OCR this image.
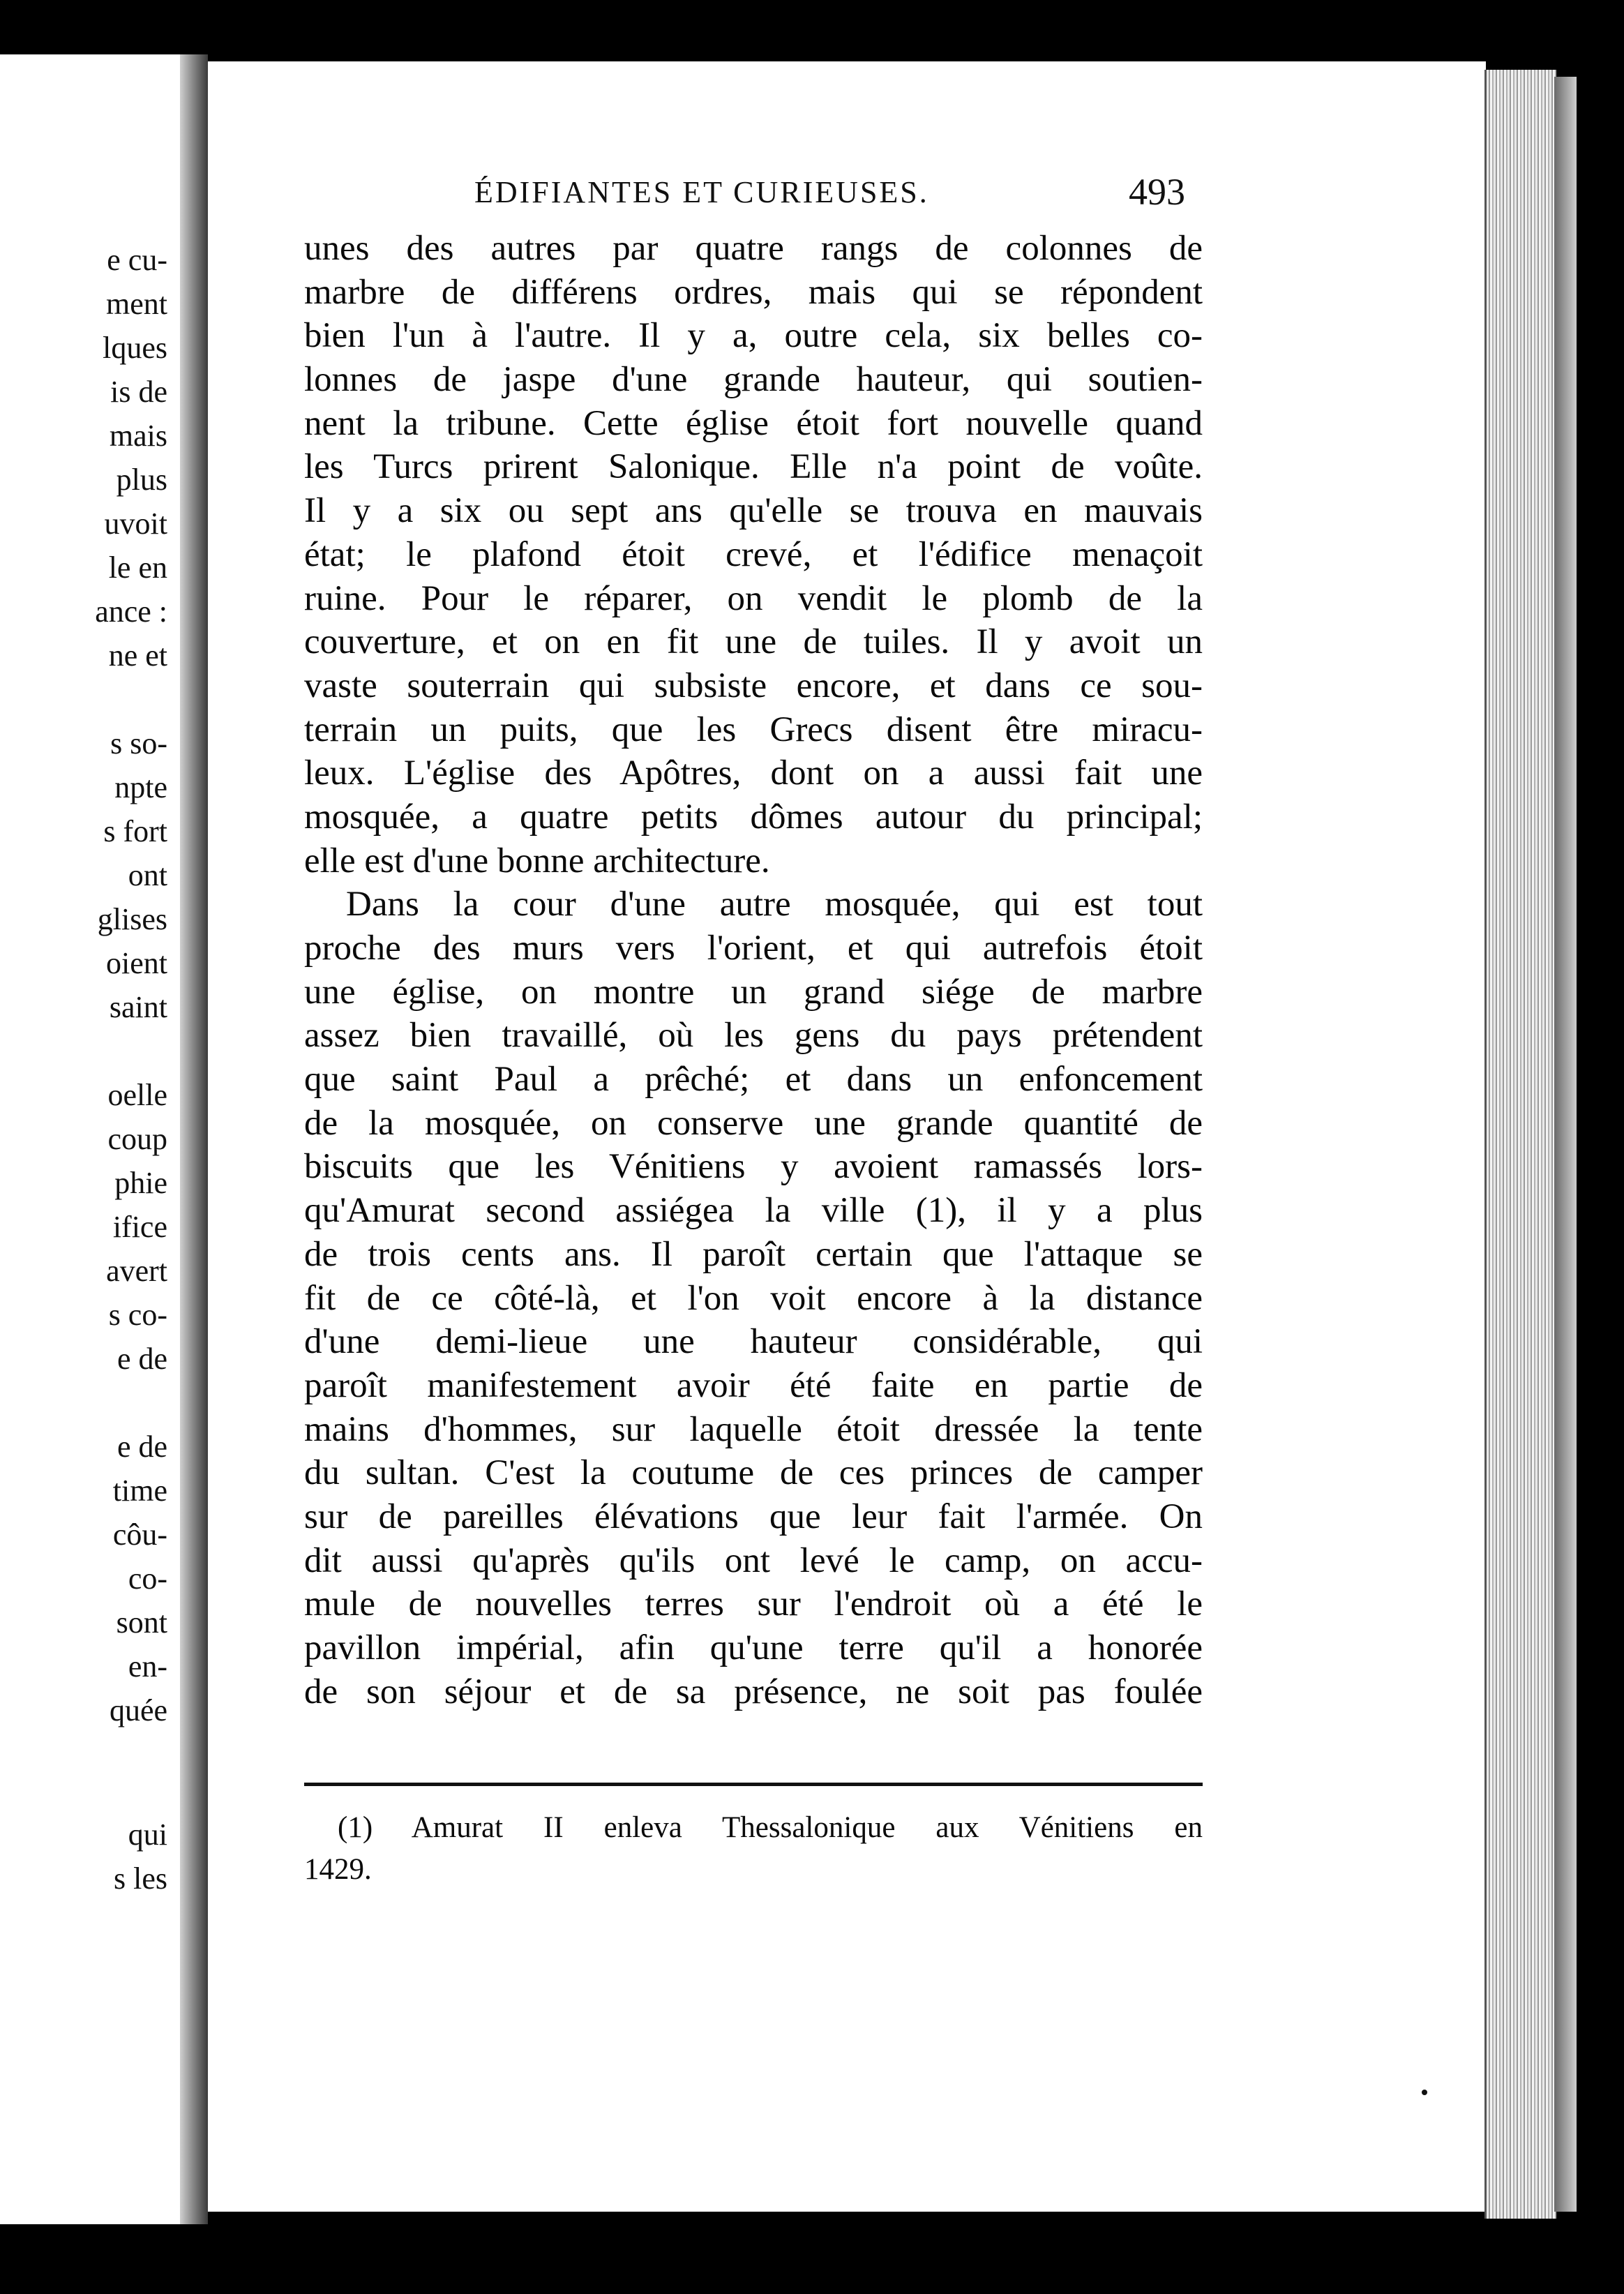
e cu-
ment
lques
is de
mais
plus
uvoit
le en
ance :
ne et
s so-
npte
s fort
ont
glises
oient
saint
oelle
coup
phie
ifice
avert
s co-
e de
e de
time
côu-
co-
sont
en-
quée
qui
s les
ÉDIFIANTES ET CURIEUSES.	493
unes des autres par quatre rangs de colonnes de
marbre de différens ordres, mais qui se répondent
bien l'un à l'autre. Il y a, outre cela, six belles co-
lonnes de jaspe d'une grande hauteur, qui soutien-
nent la tribune. Cette église étoit fort nouvelle quand
les Turcs prirent Salonique. Elle n'a point de voûte.
Il y a six ou sept ans qu'elle se trouva en mauvais
état; le plafond étoit crevé, et l'édifice menaçoit
ruine. Pour le réparer, on vendit le plomb de la
couverture, et on en fit une de tuiles. Il y avoit un
vaste souterrain qui subsiste encore, et dans ce sou-
terrain un puits, que les Grecs disent être miracu-
leux. L'église des Apôtres, dont on a aussi fait une
mosquée, a quatre petits dômes autour du principal;
elle est d'une bonne architecture.
Dans la cour d'une autre mosquée, qui est tout
proche des murs vers l'orient, et qui autrefois étoit
une église, on montre un grand siége de marbre
assez bien travaillé, où les gens du pays prétendent
que saint Paul a prêché; et dans un enfoncement
de la mosquée, on conserve une grande quantité de
biscuits que les Vénitiens y avoient ramassés lors-
qu'Amurat second assiégea la ville (1), il y a plus
de trois cents ans. Il paroît certain que l'attaque se
fit de ce côté-là, et l'on voit encore à la distance
d'une demi-lieue une hauteur considérable, qui
paroît manifestement avoir été faite en partie de
mains d'hommes, sur laquelle étoit dressée la tente
du sultan. C'est la coutume de ces princes de camper
sur de pareilles élévations que leur fait l'armée. On
dit aussi qu'après qu'ils ont levé le camp, on accu-
mule de nouvelles terres sur l'endroit où a été le
pavillon impérial, afin qu'une terre qu'il a honorée
de son séjour et de sa présence, ne soit pas foulée
(1) Amurat II enleva Thessalonique aux Vénitiens en
1429.
